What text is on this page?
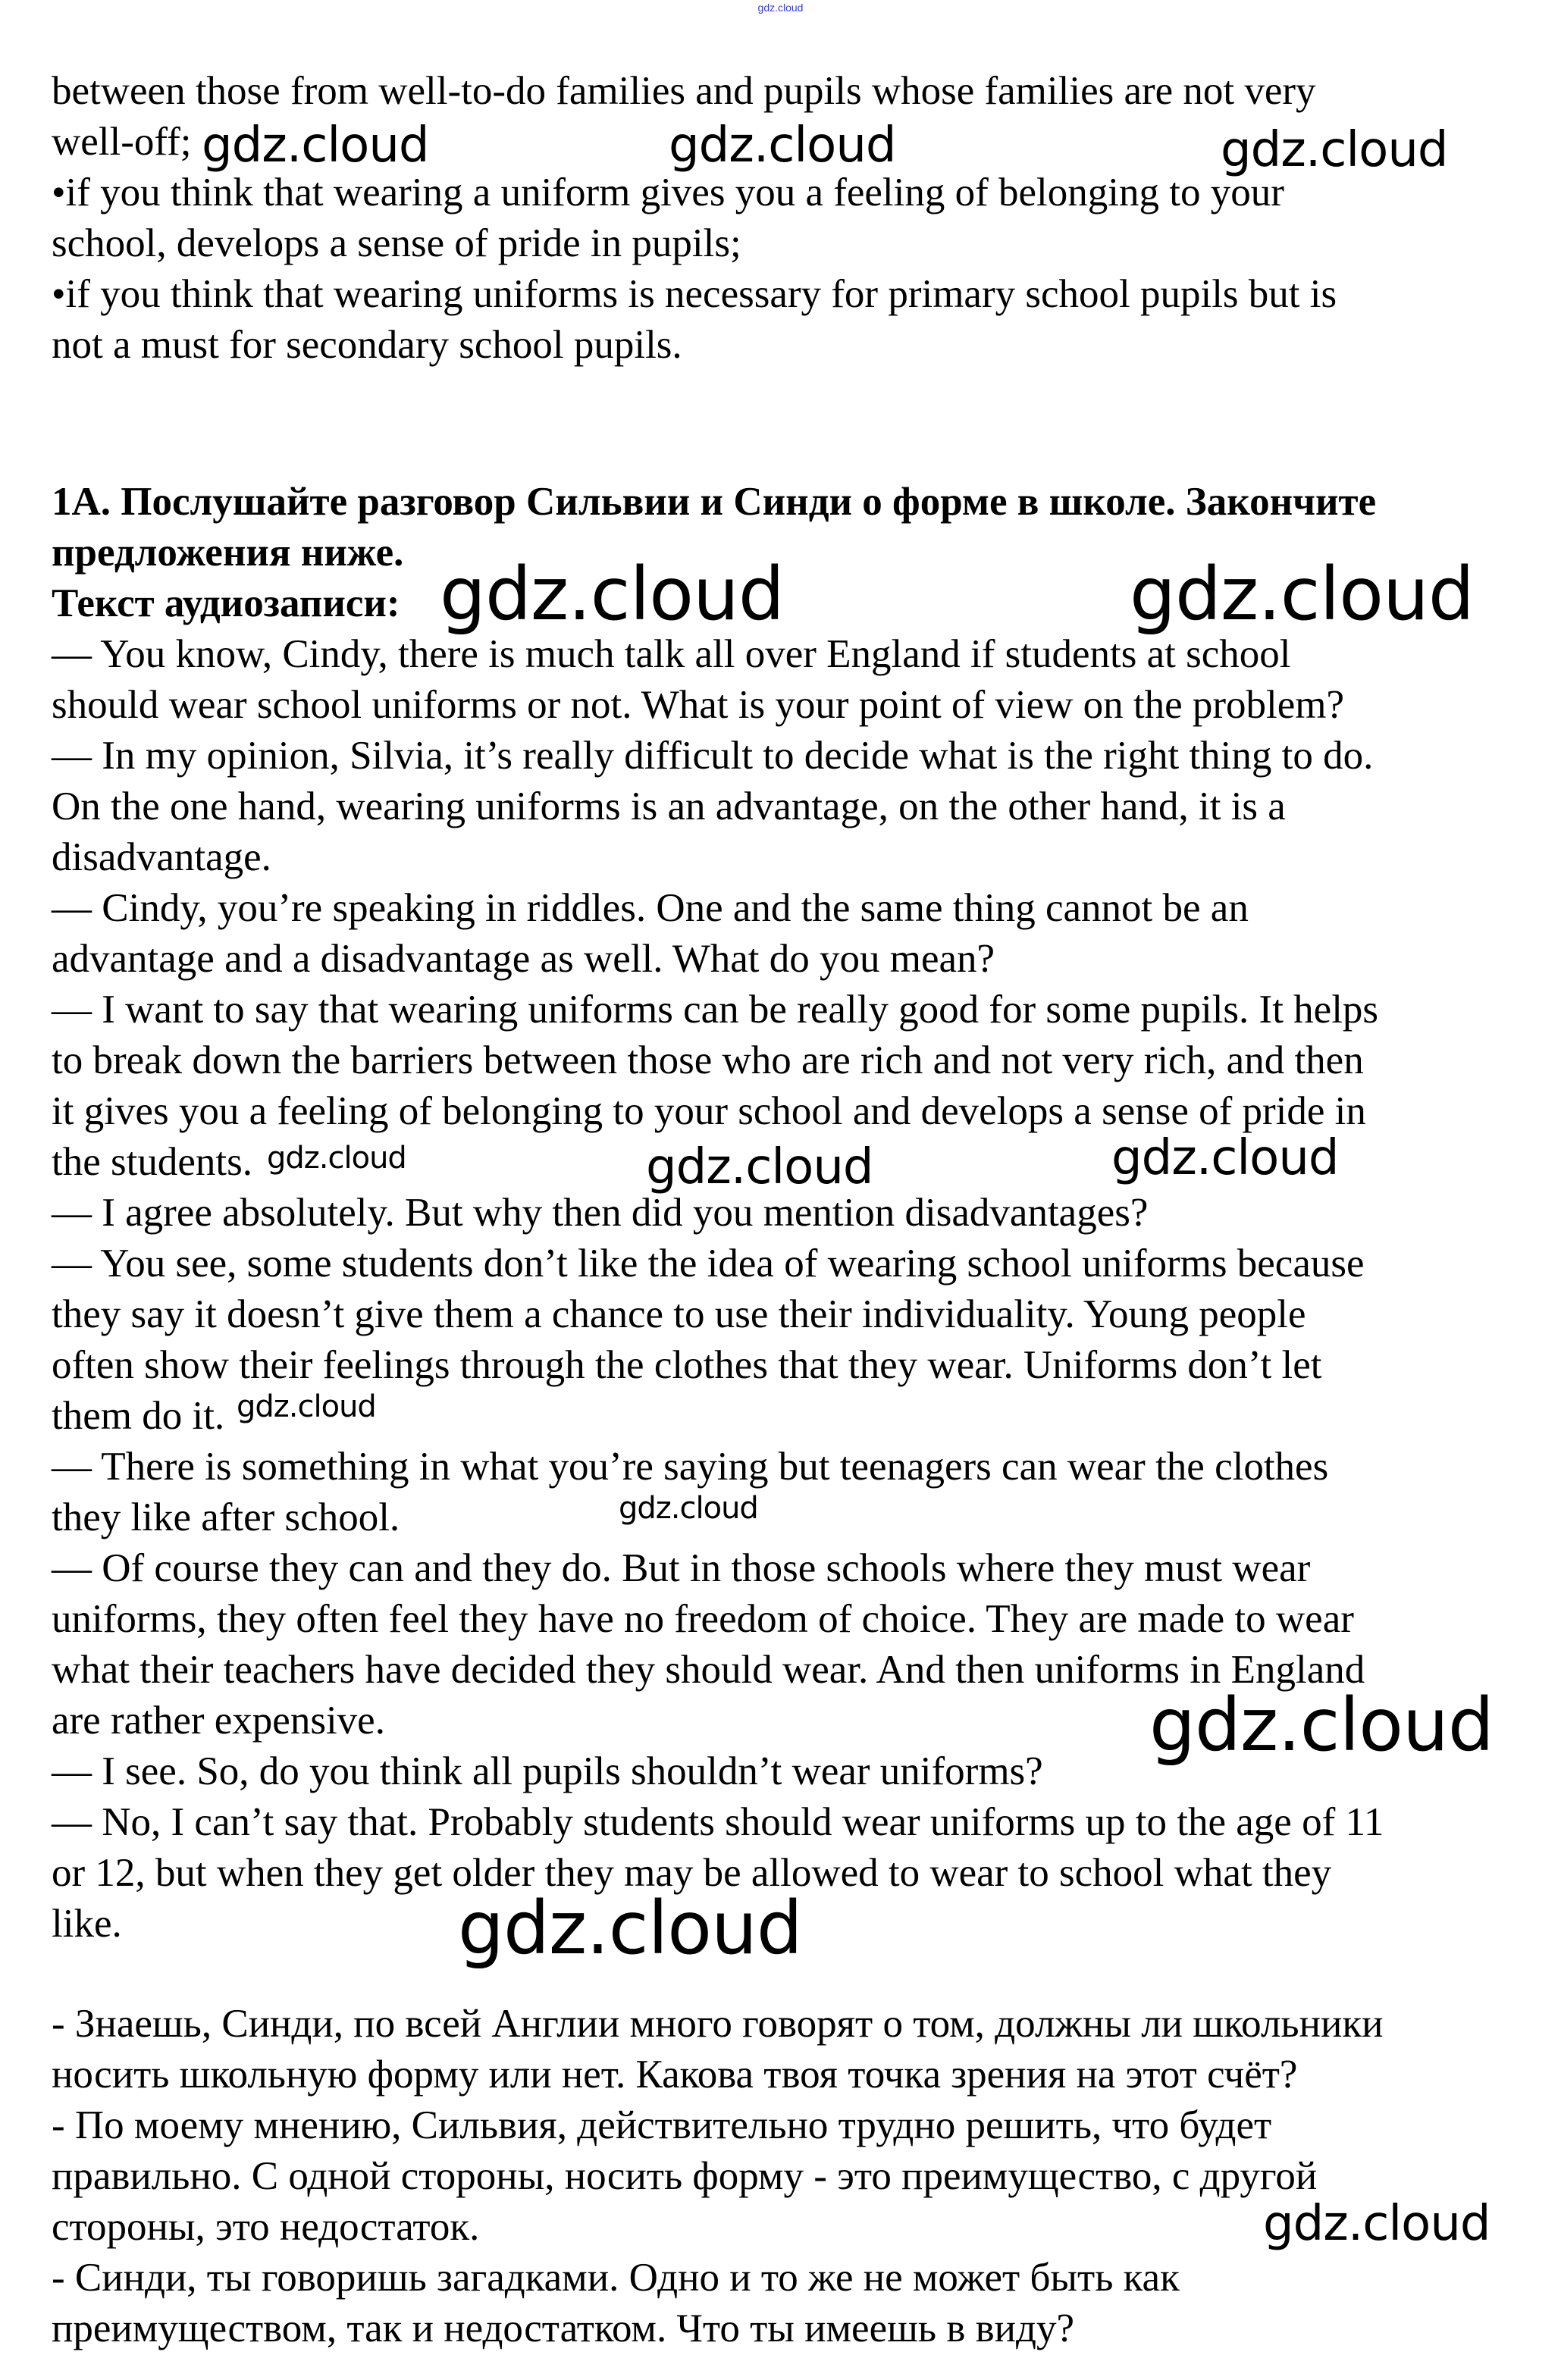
gdz.cloud
between those from well-to-do families and pupils whose families are not very
well-off;
•if you think that wearing a uniform gives you a feeling of belonging to your
school, develops a sense of pride in pupils;
•if you think that wearing uniforms is necessary for primary school pupils but is
not a must for secondary school pupils.
1А. Послушайте разговор Сильвии и Синди о форме в школе. Закончите
предложения ниже.
Текст аудиозаписи:
— You know, Cindy, there is much talk all over England if students at school
should wear school uniforms or not. What is your point of view on the problem?
— In my opinion, Silvia, it’s really difficult to decide what is the right thing to do.
On the one hand, wearing uniforms is an advantage, on the other hand, it is a
disadvantage.
— Cindy, you’re speaking in riddles. One and the same thing cannot be an
advantage and a disadvantage as well. What do you mean?
— I want to say that wearing uniforms can be really good for some pupils. It helps
to break down the barriers between those who are rich and not very rich, and then
it gives you a feeling of belonging to your school and develops a sense of pride in
the students.
— I agree absolutely. But why then did you mention disadvantages?
— You see, some students don’t like the idea of wearing school uniforms because
they say it doesn’t give them a chance to use their individuality. Young people
often show their feelings through the clothes that they wear. Uniforms don’t let
them do it.
— There is something in what you’re saying but teenagers can wear the clothes
they like after school.
— Of course they can and they do. But in those schools where they must wear
uniforms, they often feel they have no freedom of choice. They are made to wear
what their teachers have decided they should wear. And then uniforms in England
are rather expensive.
— I see. So, do you think all pupils shouldn’t wear uniforms?
— No, I can’t say that. Probably students should wear uniforms up to the age of 11
or 12, but when they get older they may be allowed to wear to school what they
like.
- Знаешь, Синди, по всей Англии много говорят о том, должны ли школьники
носить школьную форму или нет. Какова твоя точка зрения на этот счёт?
- По моему мнению, Сильвия, действительно трудно решить, что будет
правильно. С одной стороны, носить форму - это преимущество, с другой
стороны, это недостаток.
- Синди, ты говоришь загадками. Одно и то же не может быть как
преимуществом, так и недостатком. Что ты имеешь в виду?
gdz.cloud	gdz.cloud	gdz.cloud
gdz.cloud	gdz.cloud
gdz.cloud	gdz.cloud	gdz.cloud
gdz.cloud
gdz.cloud
gdz.cloud
gdz.cloud
gdz.cloud
